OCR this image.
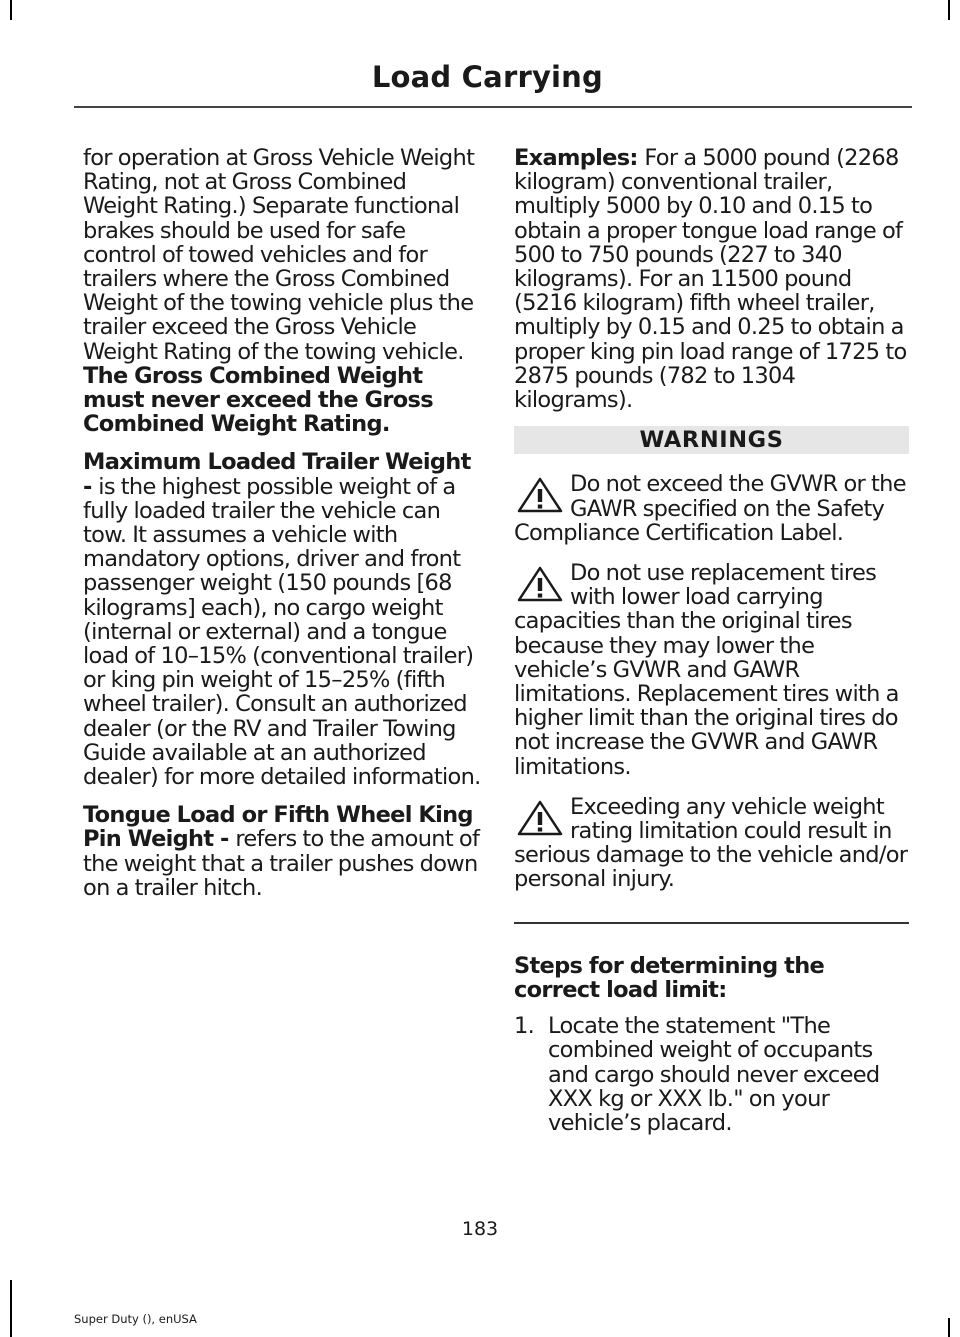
Load Carrying

for operation at Gross Vehicle Weight Rating, not at Gross Combined Weight Rating.) Separate functional brakes should be used for safe control of towed vehicles and for trailers where the Gross Combined Weight of the towing vehicle plus the trailer exceed the Gross Vehicle Weight Rating of the towing vehicle. The Gross Combined Weight must never exceed the Gross Combined Weight Rating.

Maximum Loaded Trailer Weight - is the highest possible weight of a fully loaded trailer the vehicle can tow. It assumes a vehicle with mandatory options, driver and front passenger weight (150 pounds [68 kilograms] each), no cargo weight (internal or external) and a tongue load of 10–15% (conventional trailer) or king pin weight of 15–25% (fifth wheel trailer). Consult an authorized dealer (or the RV and Trailer Towing Guide available at an authorized dealer) for more detailed information.

Tongue Load or Fifth Wheel King Pin Weight - refers to the amount of the weight that a trailer pushes down on a trailer hitch.

Examples: For a 5000 pound (2268 kilogram) conventional trailer, multiply 5000 by 0.10 and 0.15 to obtain a proper tongue load range of 500 to 750 pounds (227 to 340 kilograms). For an 11500 pound (5216 kilogram) fifth wheel trailer, multiply by 0.15 and 0.25 to obtain a proper king pin load range of 1725 to 2875 pounds (782 to 1304 kilograms).

WARNINGS
Do not exceed the GVWR or the GAWR specified on the Safety Compliance Certification Label.
Do not use replacement tires with lower load carrying capacities than the original tires because they may lower the vehicle’s GVWR and GAWR limitations. Replacement tires with a higher limit than the original tires do not increase the GVWR and GAWR limitations.
Exceeding any vehicle weight rating limitation could result in serious damage to the vehicle and/or personal injury.
Steps for determining the correct load limit:
1. Locate the statement "The combined weight of occupants and cargo should never exceed XXX kg or XXX lb." on your vehicle’s placard.
183
Super Duty (), enUSA
